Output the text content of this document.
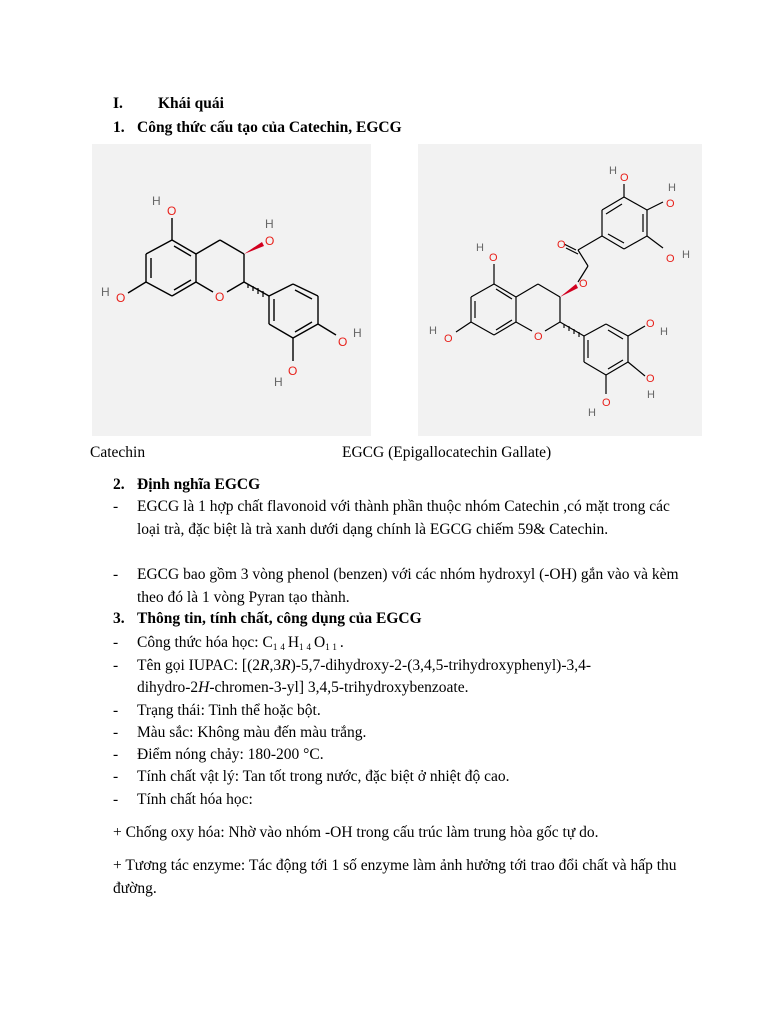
I. Khái quái
1. Công thức cấu tạo của Catechin, EGCG
O
H
O
H
O
O
H
O
H
O
H
O
H
O
H	O
O
O
O
H
O
H
O H
O
H
O
H
O
H
Catechin	EGCG (Epigallocatechin Gallate)
2. Định nghĩa EGCG
- EGCG là 1 hợp chất flavonoid với thành phần thuộc nhóm Catechin ,có mặt trong các loại trà, đặc biệt là trà xanh dưới dạng chính là EGCG chiếm 59& Catechin.
- EGCG bao gồm 3 vòng phenol (benzen) với các nhóm hydroxyl (-OH) gắn vào và kèm theo đó là 1 vòng Pyran tạo thành.
3. Thông tin, tính chất, công dụng của EGCG
- Công thức hóa học: $C_{14}H_{14}O_{11}$.
- Tên gọi IUPAC: [(2R,3R)-5,7-dihydroxy-2-(3,4,5-trihydroxyphenyl)-3,4-
dihydro-2H-chromen-3-yl] 3,4,5-trihydroxybenzoate.
- Trạng thái: Tinh thể hoặc bột.
- Màu sắc: Không màu đến màu trắng.
- Điểm nóng chảy: 180-200 °C.
- Tính chất vật lý: Tan tốt trong nước, đặc biệt ở nhiệt độ cao.
- Tính chất hóa học:
+ Chống oxy hóa: Nhờ vào nhóm -OH trong cấu trúc làm trung hòa gốc tự do.
+ Tương tác enzyme: Tác động tới 1 số enzyme làm ảnh hưởng tới trao đổi chất và hấp thu đường.
